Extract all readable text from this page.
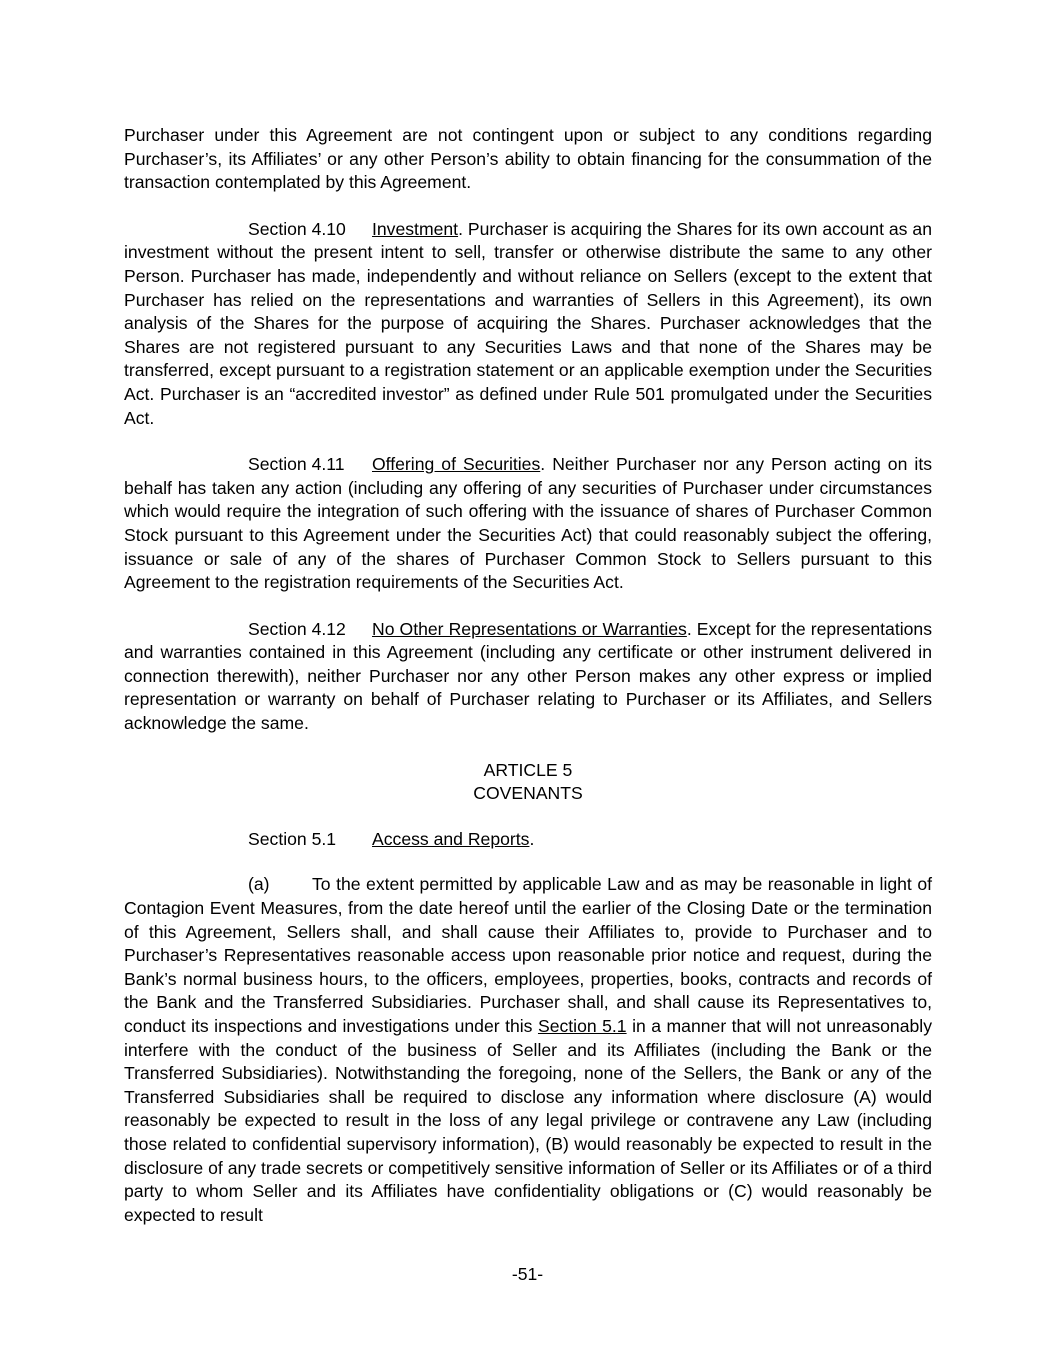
Purchaser under this Agreement are not contingent upon or subject to any conditions regarding Purchaser’s, its Affiliates’ or any other Person’s ability to obtain financing for the consummation of the transaction contemplated by this Agreement.

Section 4.10 Investment. Purchaser is acquiring the Shares for its own account as an investment without the present intent to sell, transfer or otherwise distribute the same to any other Person. Purchaser has made, independently and without reliance on Sellers (except to the extent that Purchaser has relied on the representations and warranties of Sellers in this Agreement), its own analysis of the Shares for the purpose of acquiring the Shares. Purchaser acknowledges that the Shares are not registered pursuant to any Securities Laws and that none of the Shares may be transferred, except pursuant to a registration statement or an applicable exemption under the Securities Act. Purchaser is an “accredited investor” as defined under Rule 501 promulgated under the Securities Act.

Section 4.11 Offering of Securities. Neither Purchaser nor any Person acting on its behalf has taken any action (including any offering of any securities of Purchaser under circumstances which would require the integration of such offering with the issuance of shares of Purchaser Common Stock pursuant to this Agreement under the Securities Act) that could reasonably subject the offering, issuance or sale of any of the shares of Purchaser Common Stock to Sellers pursuant to this Agreement to the registration requirements of the Securities Act.

Section 4.12 No Other Representations or Warranties. Except for the representations and warranties contained in this Agreement (including any certificate or other instrument delivered in connection therewith), neither Purchaser nor any other Person makes any other express or implied representation or warranty on behalf of Purchaser relating to Purchaser or its Affiliates, and Sellers acknowledge the same.

ARTICLE 5
COVENANTS

Section 5.1 Access and Reports.

(a) To the extent permitted by applicable Law and as may be reasonable in light of Contagion Event Measures, from the date hereof until the earlier of the Closing Date or the termination of this Agreement, Sellers shall, and shall cause their Affiliates to, provide to Purchaser and to Purchaser’s Representatives reasonable access upon reasonable prior notice and request, during the Bank’s normal business hours, to the officers, employees, properties, books, contracts and records of the Bank and the Transferred Subsidiaries. Purchaser shall, and shall cause its Representatives to, conduct its inspections and investigations under this Section 5.1 in a manner that will not unreasonably interfere with the conduct of the business of Seller and its Affiliates (including the Bank or the Transferred Subsidiaries). Notwithstanding the foregoing, none of the Sellers, the Bank or any of the Transferred Subsidiaries shall be required to disclose any information where disclosure (A) would reasonably be expected to result in the loss of any legal privilege or contravene any Law (including those related to confidential supervisory information), (B) would reasonably be expected to result in the disclosure of any trade secrets or competitively sensitive information of Seller or its Affiliates or of a third party to whom Seller and its Affiliates have confidentiality obligations or (C) would reasonably be expected to result

-51-
